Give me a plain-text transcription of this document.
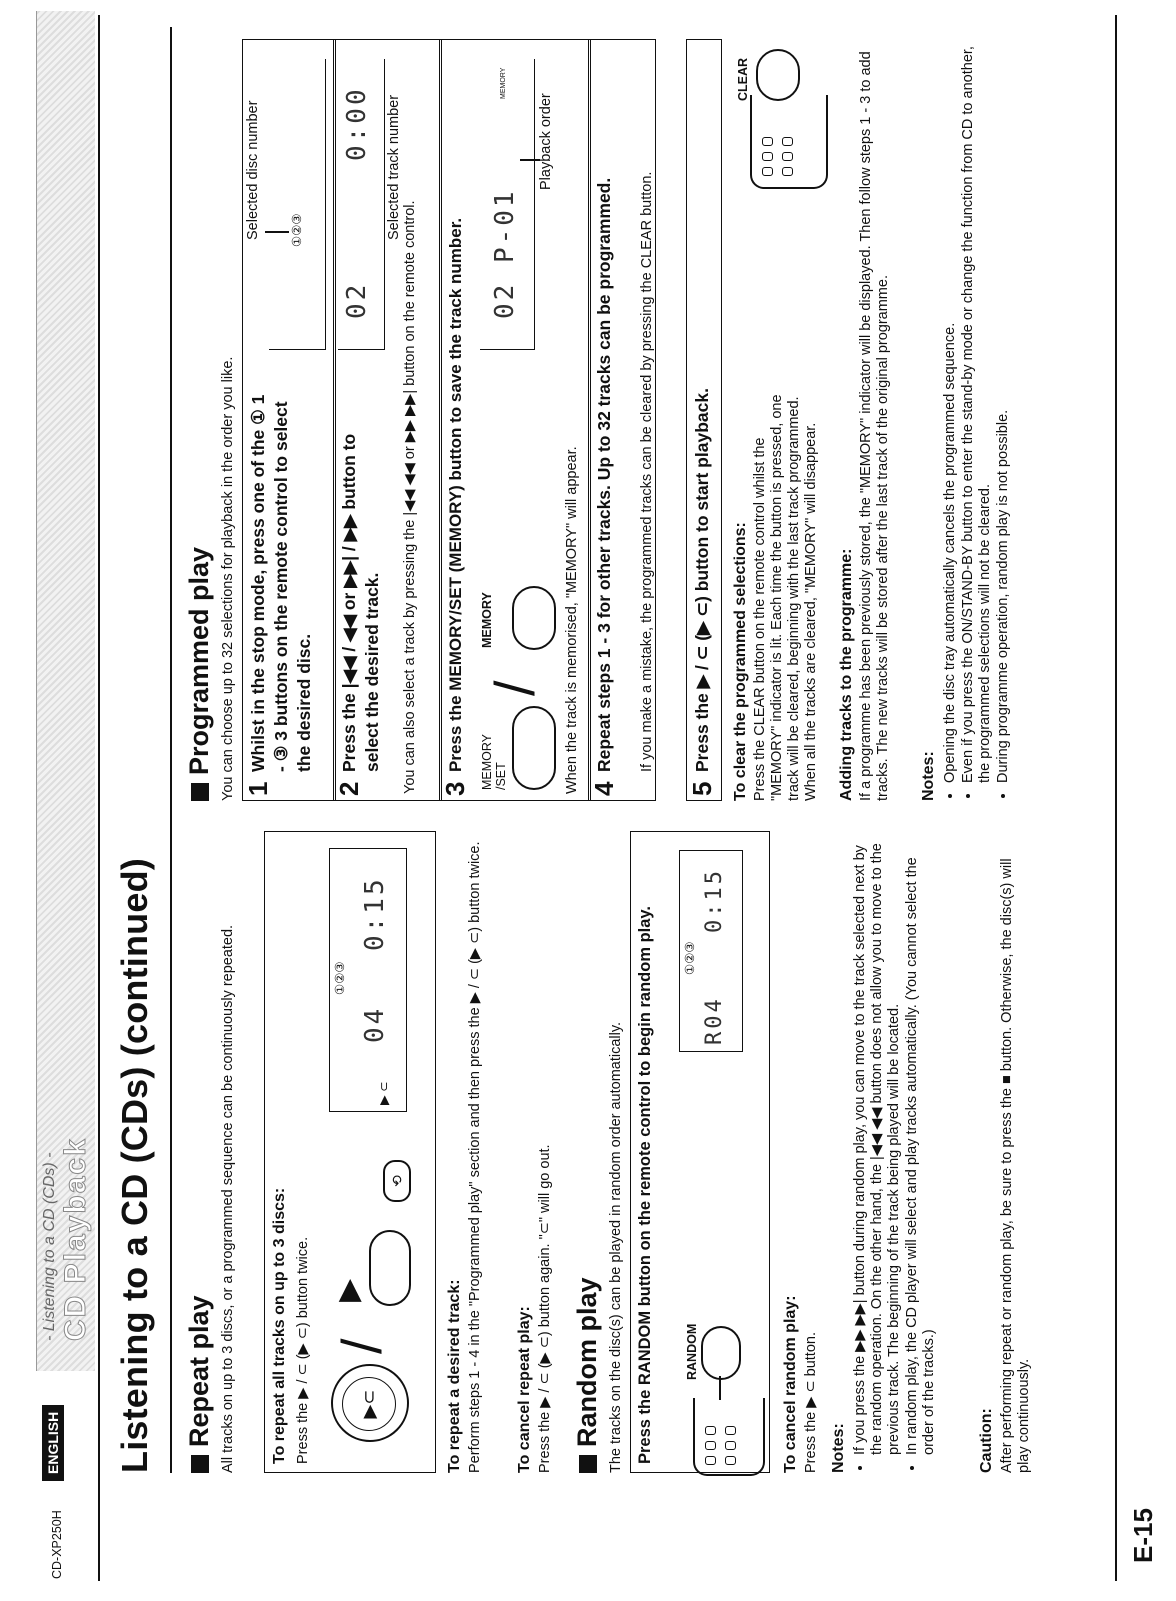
CD-XP250H
ENGLISH
- Listening to a CD (CDs) - CD Playback
E-15
Listening to a CD (CDs) (continued) Repeat play All tracks on up to 3 discs, or a programmed sequence can be continuously repeated. To repeat all tracks on up to 3 discs: Press the ▶ / ⊂ (▶ ⊂) button twice.	▶⊂
/
▶
①②③
▶ ⊂
04
0:15
⟲
To repeat a desired track: Perform steps 1 - 4 in the "Programmed play" section and then press the ▶ / ⊂ (▶ ⊂) button twice. To cancel repeat play: Press the ▶ / ⊂ (▶ ⊂) button again. "⊂" will go out. Random play The tracks on the disc(s) can be played in random order automatically. Press the RANDOM button on the remote control to begin random play. RANDOM
①②③
R04
0:15
To cancel random play: Press the ▶ ⊂ button. Notes: • If you press the ▶▶ ▶▶| button during random play, you can move to the track selected next by the random operation. On the other hand, the |◀◀ ◀◀ button does not allow you to move to the previous track. The beginning of the track being played will be located. • In random play, the CD player will select and play tracks automatically. (You cannot select the order of the tracks.)	Caution: After performing repeat or random play, be sure to press the ■ button. Otherwise, the disc(s) will play continuously.
Programmed play You can choose up to 32 selections for playback in the order you like. 1
Whilst in the stop mode, press one of the ① 1 - ③ 3 buttons on the remote control to select the desired disc.
Selected disc number ①②③
2
Press the |◀◀ / ◀◀ or ▶▶| / ▶▶ button to select the desired track.
02
0:00 Selected track number
You can also select a track by pressing the |◀◀ ◀◀ or ▶▶ ▶▶| button on the remote control. 3
Press the MEMORY/SET (MEMORY) button to save the track number. MEMORY /SET
/
MEMORY
02 P-01
MEMORY
Playback order
When the track is memorised, "MEMORY" will appear. 4
Repeat steps 1 - 3 for other tracks. Up to 32 tracks can be programmed. If you make a mistake, the programmed tracks can be cleared by pressing the CLEAR button.
5
Press the ▶ / ⊂ (▶ ⊂) button to start playback. To clear the programmed selections: Press the CLEAR button on the remote control whilst the "MEMORY" indicator is lit. Each time the button is pressed, one track will be cleared, beginning with the last track programmed. When all the tracks are cleared, "MEMORY" will disappear.

CLEAR
Adding tracks to the programme: If a programme has been previously stored, the "MEMORY" indicator will be displayed. Then follow steps 1 - 3 to add tracks. The new tracks will be stored after the last track of the original programme. Notes: • Opening the disc tray automatically cancels the programmed sequence. • Even if you press the ON/STAND-BY button to enter the stand-by mode or change the function from CD to another, the programmed selections will not be cleared. • During programme operation, random play is not possible.
